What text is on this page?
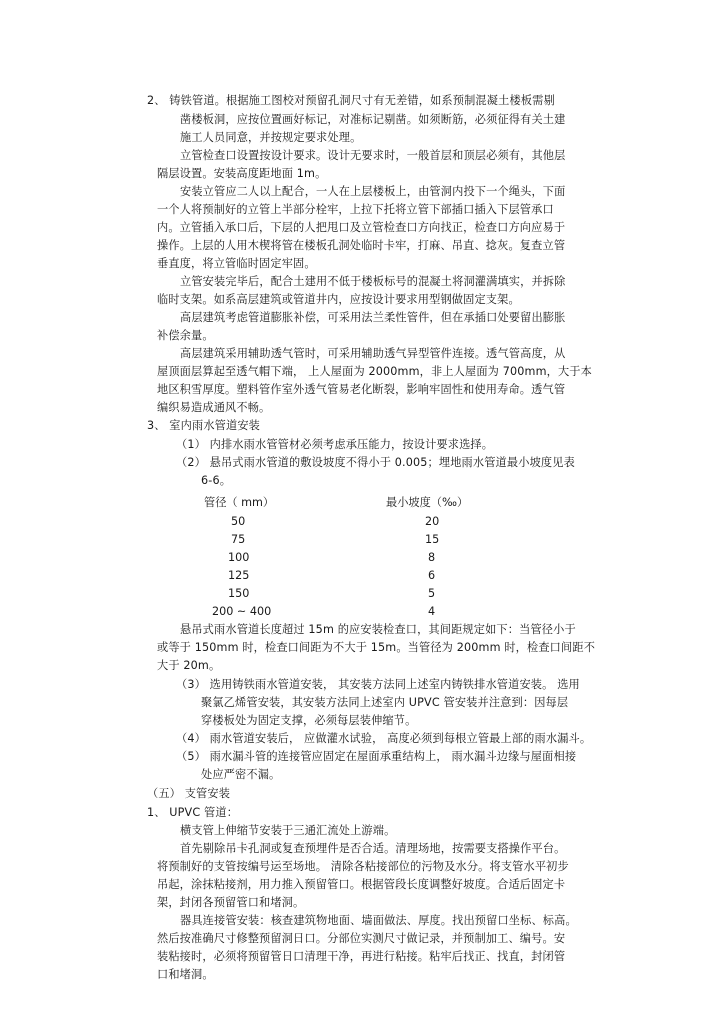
2、 铸铁管道。根据施工图校对预留孔洞尺寸有无差错，如系预制混凝土楼板需剔
凿楼板洞，应按位置画好标记，对准标记剔凿。如须断筋，必须征得有关土建
施工人员同意，并按规定要求处理。
立管检查口设置按设计要求。设计无要求时，一般首层和顶层必须有，其他层
隔层设置。安装高度距地面 1m。
安装立管应二人以上配合，一人在上层楼板上，由管洞内投下一个绳头，下面
一个人将预制好的立管上半部分栓牢，上拉下托将立管下部插口插入下层管承口
内。立管插入承口后，下层的人把甩口及立管检查口方向找正，检查口方向应易于
操作。上层的人用木楔将管在楼板孔洞处临时卡牢，打麻、吊直、捻灰。复查立管
垂直度，将立管临时固定牢固。
立管安装完毕后，配合土建用不低于楼板标号的混凝土将洞灌满填实，并拆除
临时支架。如系高层建筑或管道井内，应按设计要求用型钢做固定支架。
高层建筑考虑管道膨胀补偿，可采用法兰柔性管件，但在承插口处要留出膨胀
补偿余量。
高层建筑采用辅助透气管时，可采用辅助透气异型管件连接。透气管高度，从
屋顶面层算起至透气帽下端， 上人屋面为 2000mm，非上人屋面为 700mm，大于本
地区积雪厚度。塑料管作室外透气管易老化断裂，影响牢固性和使用寿命。透气管
编织易造成通风不畅。
3、 室内雨水管道安装
（1） 内排水雨水管管材必须考虑承压能力，按设计要求选择。
（2） 悬吊式雨水管道的敷设坡度不得小于 0.005；埋地雨水管道最小坡度见表
6-6。
管径（ mm）	最小坡度（‰）
50	20
75	15
100	8
125	6
150	5
200 ~ 400	4
悬吊式雨水管道长度超过 15m 的应安装检查口，其间距规定如下：当管径小于
或等于 150mm 时，检查口间距为不大于 15m。当管径为 200mm 时，检查口间距不
大于 20m。
（3） 选用铸铁雨水管道安装， 其安装方法同上述室内铸铁排水管道安装。 选用
聚氯乙烯管安装，其安装方法同上述室内 UPVC 管安装并注意到：因每层
穿楼板处为固定支撑，必须每层装伸缩节。
（4） 雨水管道安装后， 应做灌水试验， 高度必须到每根立管最上部的雨水漏斗。
（5） 雨水漏斗管的连接管应固定在屋面承重结构上， 雨水漏斗边缘与屋面相接
处应严密不漏。
（五） 支管安装
1、 UPVC 管道：
横支管上伸缩节安装于三通汇流处上游端。
首先剔除吊卡孔洞或复查预埋件是否合适。清理场地，按需要支搭操作平台。
将预制好的支管按编号运至场地。 清除各粘接部位的污物及水分。将支管水平初步
吊起，涂抹粘接剂，用力推入预留管口。根据管段长度调整好坡度。合适后固定卡
架，封闭各预留管口和堵洞。
器具连接管安装：核查建筑物地面、墙面做法、厚度。找出预留口坐标、标高。
然后按准确尺寸修整预留洞日口。分部位实测尺寸做记录，并预制加工、编号。安
装粘接时，必须将预留管日口清理干净，再进行粘接。粘牢后找正、找直，封闭管
口和堵洞。
